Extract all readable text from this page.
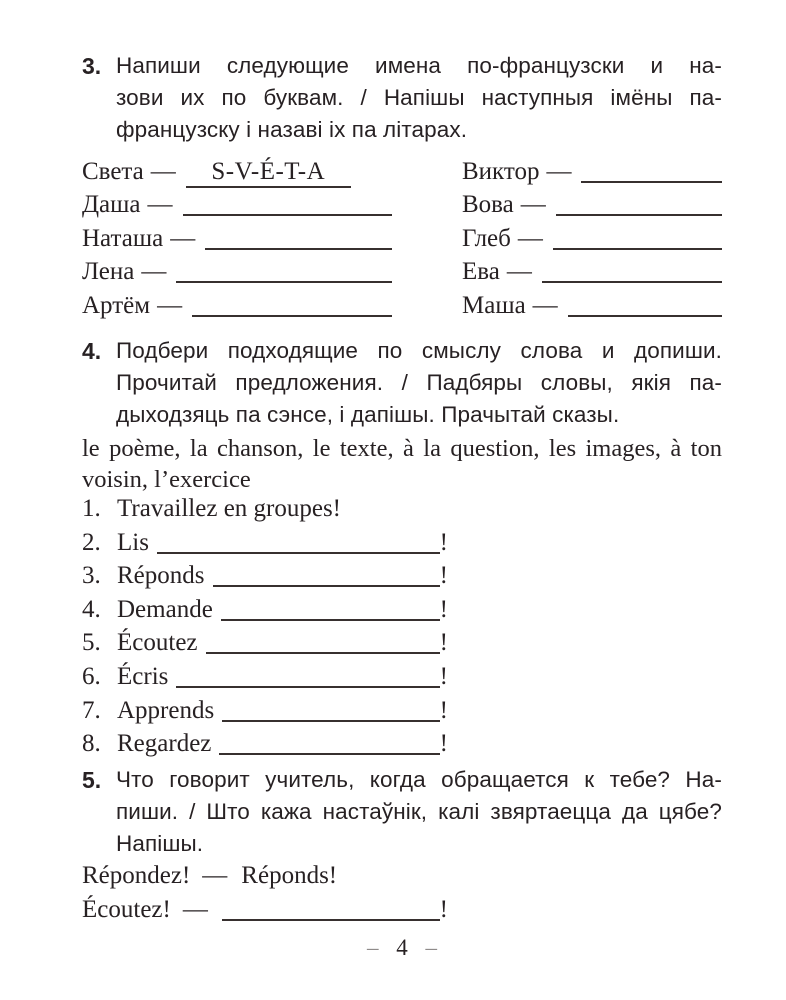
3. Напиши следующие имена по-французски и на-
зови их по буквам. / Напішы наступныя імёны па-
французску і назаві іх па літарах.
Света —	S-V-É-T-A
Даша —
Наташа —
Лена —
Артём —
Виктор —
Вова —
Глеб —
Ева —
Маша —
4. Подбери подходящие по смыслу слова и допиши.
Прочитай предложения. / Падбяры словы, якія па-
дыходзяць па сэнсе, і дапішы. Прачытай сказы.
le poème, la chanson, le texte, à la question, les images, à ton
voisin, l’exercice
1. Travaillez en groupes!
2. Lis	!
3. Réponds	!
4. Demande	!
5. Écoutez	!
6. Écris	!
7. Apprends	!
8. Regardez	!
5. Что говорит учитель, когда обращается к тебе? На-
пиши. / Што кажа настаўнік, калі звяртаецца да цябе?
Напішы.
Répondez! — Réponds!
Écoutez! —	!
– 4 –
